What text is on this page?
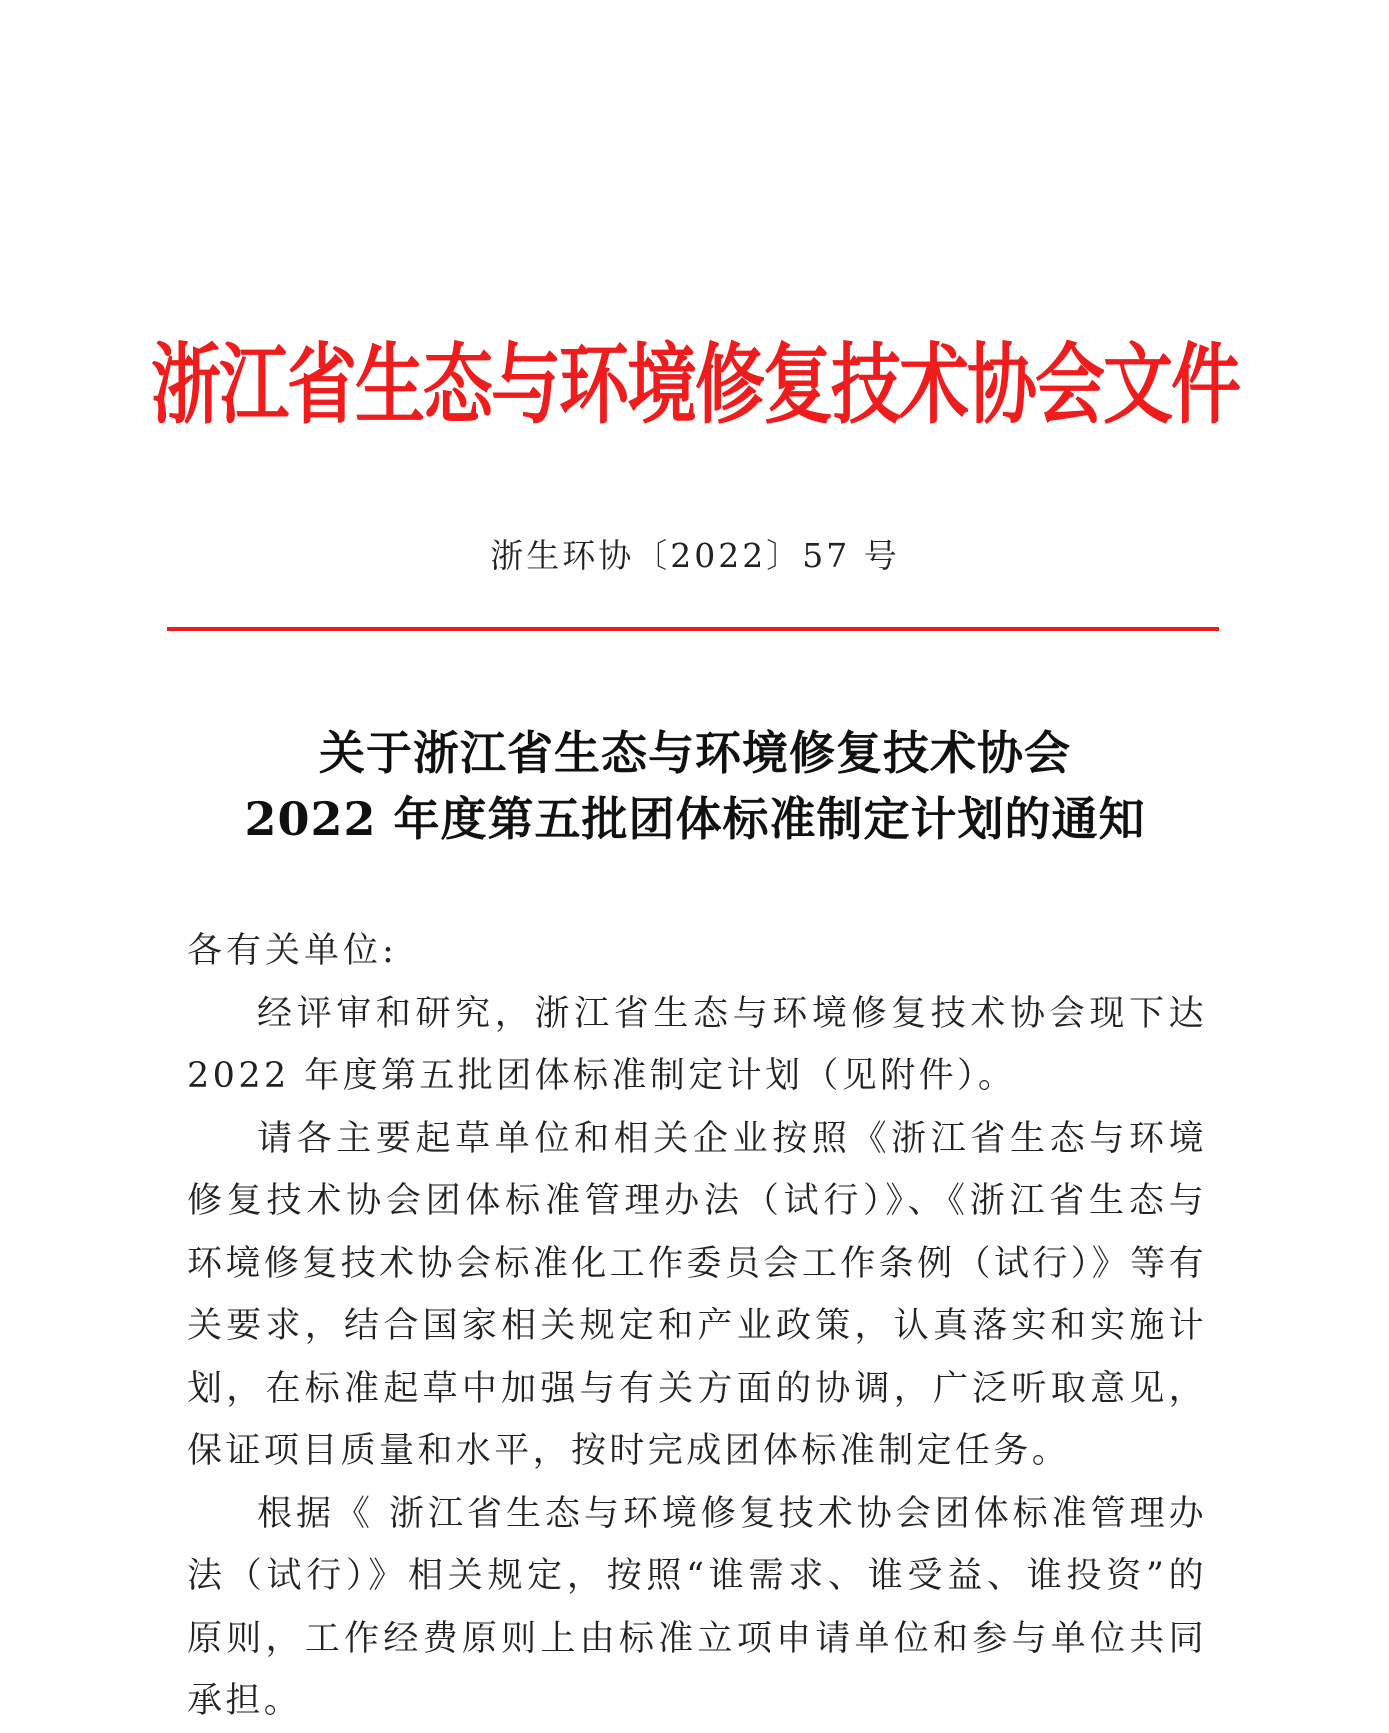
浙江省生态与环境修复技术协会文件
浙生环协〔2022〕57 号
关于浙江省生态与环境修复技术协会
2022 年度第五批团体标准制定计划的通知

各有关单位:

经评审和研究，浙江省生态与环境修复技术协会现下达 2022 年度第五批团体标准制定计划（见附件）。

请各主要起草单位和相关企业按照《浙江省生态与环境修复技术协会团体标准管理办法（试行）》、《浙江省生态与环境修复技术协会标准化工作委员会工作条例（试行）》等有关要求，结合国家相关规定和产业政策，认真落实和实施计划，在标准起草中加强与有关方面的协调，广泛听取意见，保证项目质量和水平，按时完成团体标准制定任务。

根据《 浙江省生态与环境修复技术协会团体标准管理办法（试行）》相关规定，按照“谁需求、谁受益、谁投资”的原则，工作经费原则上由标准立项申请单位和参与单位共同承担。
